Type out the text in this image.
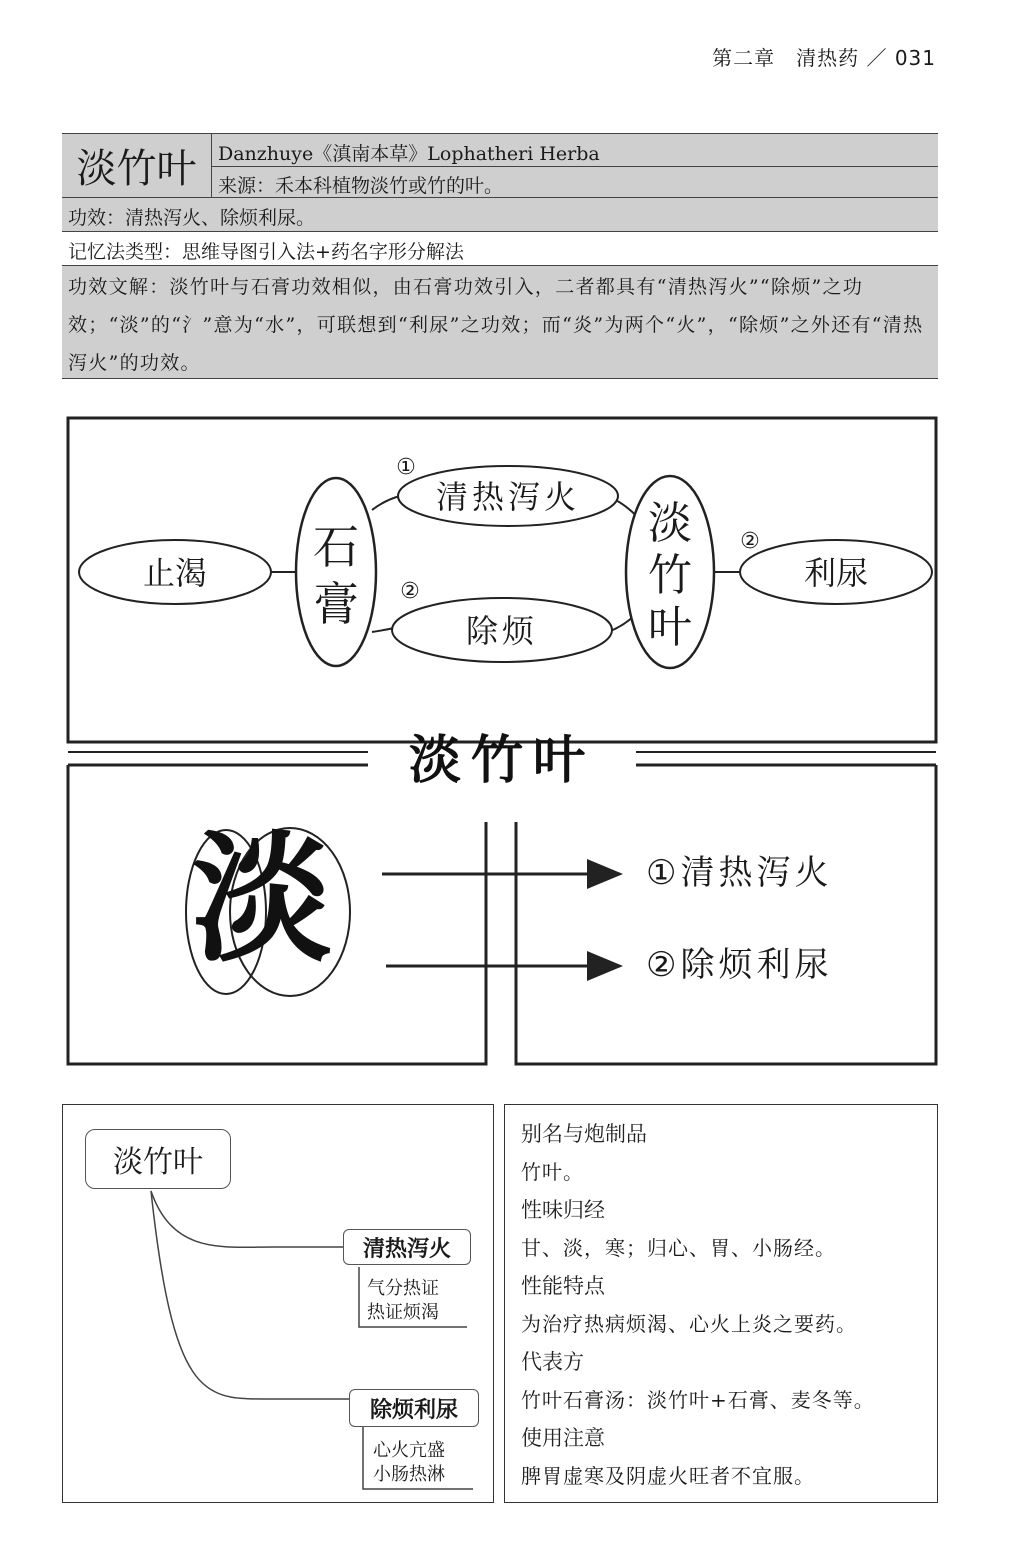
第二章　清热药 ／ 031
淡竹叶	Danzhuye《滇南本草》Lophatheri Herba
来源：禾本科植物淡竹或竹的叶。
功效：清热泻火、除烦利尿。
记忆法类型：思维导图引入法+药名字形分解法
功效文解：淡竹叶与石膏功效相似，由石膏功效引入，二者都具有“清热泻火”“除烦”之功效；“淡”的“氵”意为“水”，可联想到“利尿”之功效；而“炎”为两个“火”，“除烦”之外还有“清热泻火”的功效。
止渴 石
膏
①
清热泻火
②
除烦
淡
竹
叶
②
利尿
淡竹叶
淡	①清热泻火
②除烦利尿
淡竹叶
清热泻火
气分热证
热证烦渴
除烦利尿
心火亢盛
小肠热淋
别名与炮制品
竹叶。
性味归经
甘、淡，寒；归心、胃、小肠经。
性能特点
为治疗热病烦渴、心火上炎之要药。
代表方
竹叶石膏汤：淡竹叶+石膏、麦冬等。
使用注意
脾胃虚寒及阴虚火旺者不宜服。
